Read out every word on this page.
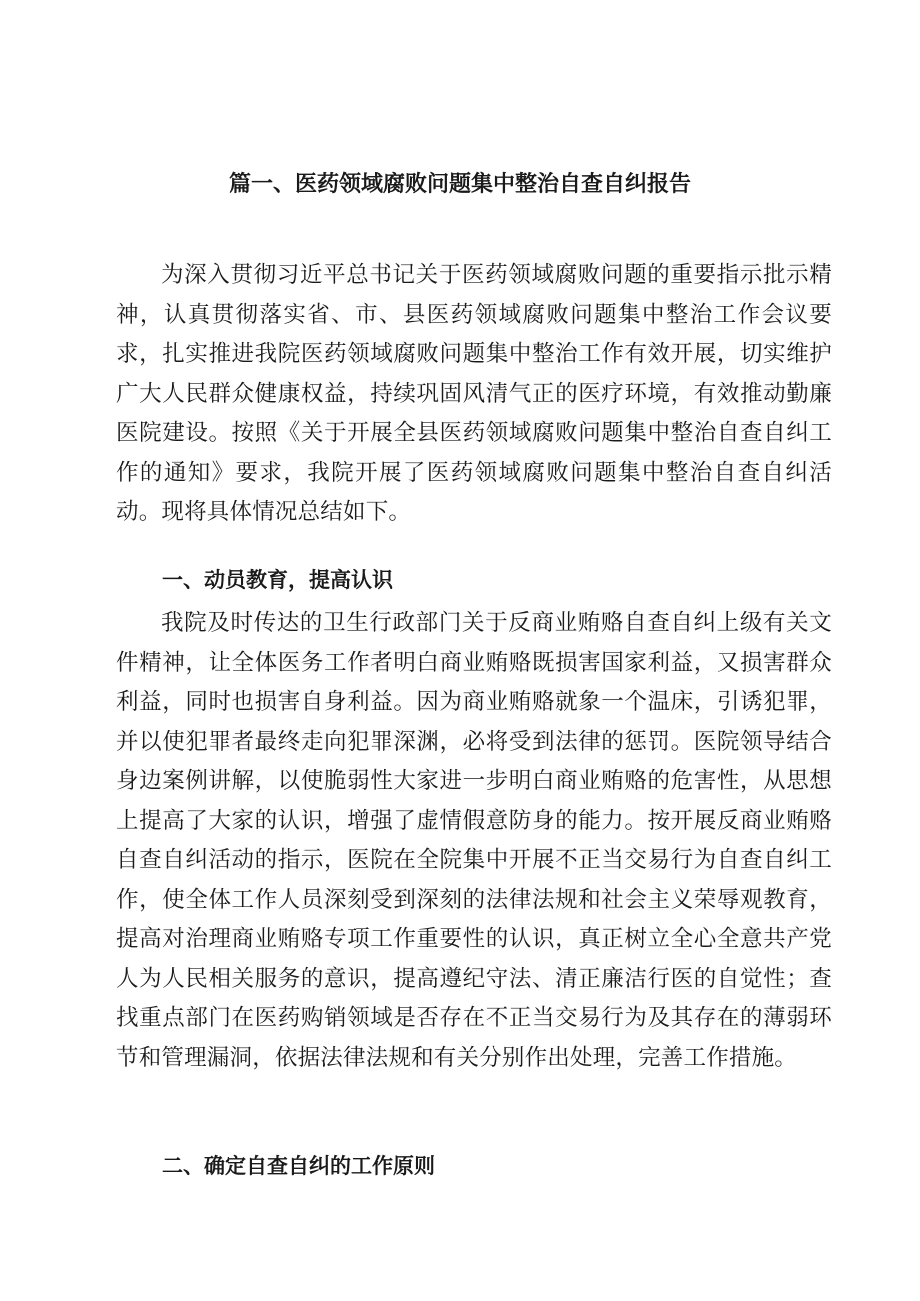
篇一、医药领域腐败问题集中整治自查自纠报告

为深入贯彻习近平总书记关于医药领域腐败问题的重要指示批示精神，认真贯彻落实省、市、县医药领域腐败问题集中整治工作会议要求，扎实推进我院医药领域腐败问题集中整治工作有效开展，切实维护广大人民群众健康权益，持续巩固风清气正的医疗环境，有效推动勤廉医院建设。按照《关于开展全县医药领域腐败问题集中整治自查自纠工作的通知》要求，我院开展了医药领域腐败问题集中整治自查自纠活动。现将具体情况总结如下。

一、动员教育，提高认识

我院及时传达的卫生行政部门关于反商业贿赂自查自纠上级有关文件精神，让全体医务工作者明白商业贿赂既损害国家利益，又损害群众利益，同时也损害自身利益。因为商业贿赂就象一个温床，引诱犯罪，并以使犯罪者最终走向犯罪深渊，必将受到法律的惩罚。医院领导结合身边案例讲解，以使脆弱性大家进一步明白商业贿赂的危害性，从思想上提高了大家的认识，增强了虚情假意防身的能力。按开展反商业贿赂自查自纠活动的指示，医院在全院集中开展不正当交易行为自查自纠工作，使全体工作人员深刻受到深刻的法律法规和社会主义荣辱观教育，提高对治理商业贿赂专项工作重要性的认识，真正树立全心全意共产党人为人民相关服务的意识，提高遵纪守法、清正廉洁行医的自觉性；查找重点部门在医药购销领域是否存在不正当交易行为及其存在的薄弱环节和管理漏洞，依据法律法规和有关分别作出处理，完善工作措施。

二、确定自查自纠的工作原则
